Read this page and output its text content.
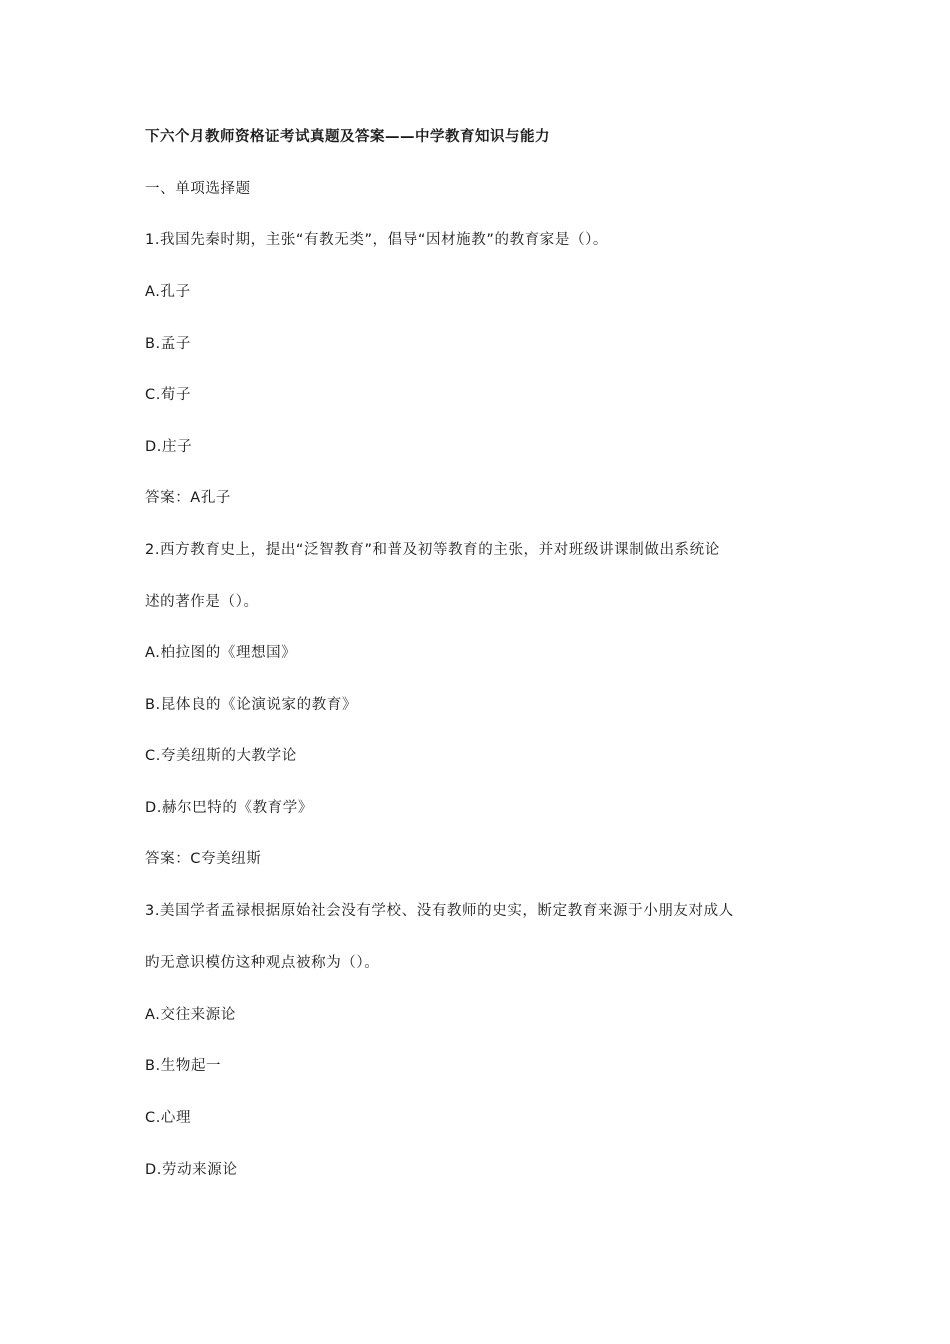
下六个月教师资格证考试真题及答案——中学教育知识与能力
一、单项选择题
1.我国先秦时期，主张“有教无类”，倡导“因材施教”的教育家是（）。
A.孔子
B.孟子
C.荀子
D.庄子
答案：A孔子
2.西方教育史上，提出“泛智教育”和普及初等教育的主张，并对班级讲课制做出系统论
述的著作是（）。
A.柏拉图的《理想国》
B.昆体良的《论演说家的教育》
C.夸美纽斯的大教学论
D.赫尔巴特的《教育学》
答案：C夸美纽斯
3.美国学者孟禄根据原始社会没有学校、没有教师的史实，断定教育来源于小朋友对成人
旳无意识模仿这种观点被称为（）。
A.交往来源论
B.生物起一
C.心理
D.劳动来源论
